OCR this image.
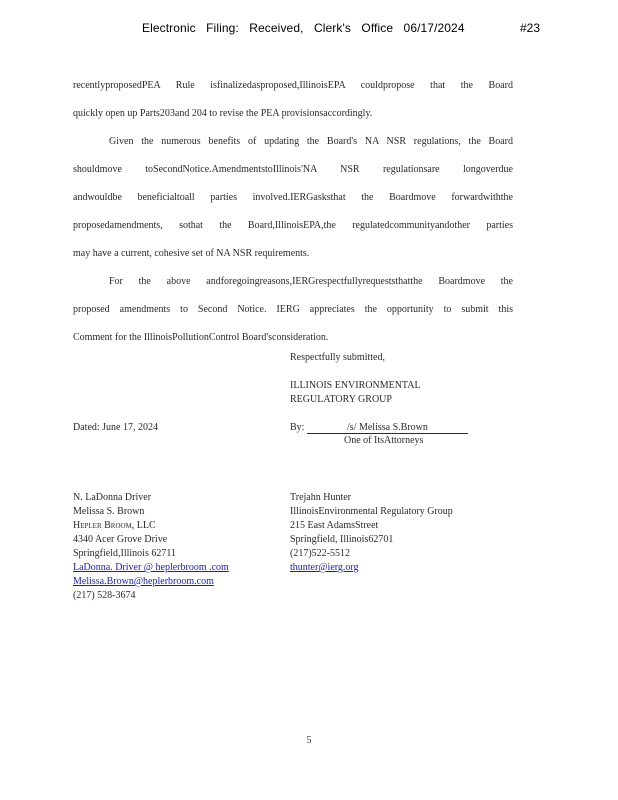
Electronic Filing: Received, Clerk's Office 06/17/2024	#23
recentlyproposedPEA Rule isfinalizedasproposed,IllinoisEPA couldpropose that the Board
quickly open up Parts203and 204 to revise the PEA provisionsaccordingly.
Given the numerous benefits of updating the Board's NA NSR regulations, the Board
shouldmove toSecondNotice.AmendmentstoIllinois'NA NSR regulationsare longoverdue
andwouldbe beneficialtoall parties involved.IERGasksthat the Boardmove forwardwiththe
proposedamendments, sothat the Board,IllinoisEPA,the regulatedcommunityandother parties
may have a current, cohesive set of NA NSR requirements.
For the above andforegoingreasons,IERGrespectfullyrequeststhatthe Boardmove the
proposed amendments to Second Notice. IERG appreciates the opportunity to submit this
Comment for the IllinoisPollutionControl Board'sconsideration.
Respectfully submitted,
ILLINOIS ENVIRONMENTAL
REGULATORY GROUP
Dated: June 17, 2024	By:	/s/ Melissa S.Brown
One of ItsAttorneys
N. LaDonna Driver
Melissa S. Brown
Hepler Broom, LLC
4340 Acer Grove Drive
Springfield,Illinois 62711
LaDonna. Driver @ heplerbroom .com
Melissa.Brown@heplerbroom.com
(217) 528-3674
Trejahn Hunter
IllinoisEnvironmental Regulatory Group
215 East AdamsStreet
Springfield, Illinois62701
(217)522-5512
thunter@ierg.org
5
